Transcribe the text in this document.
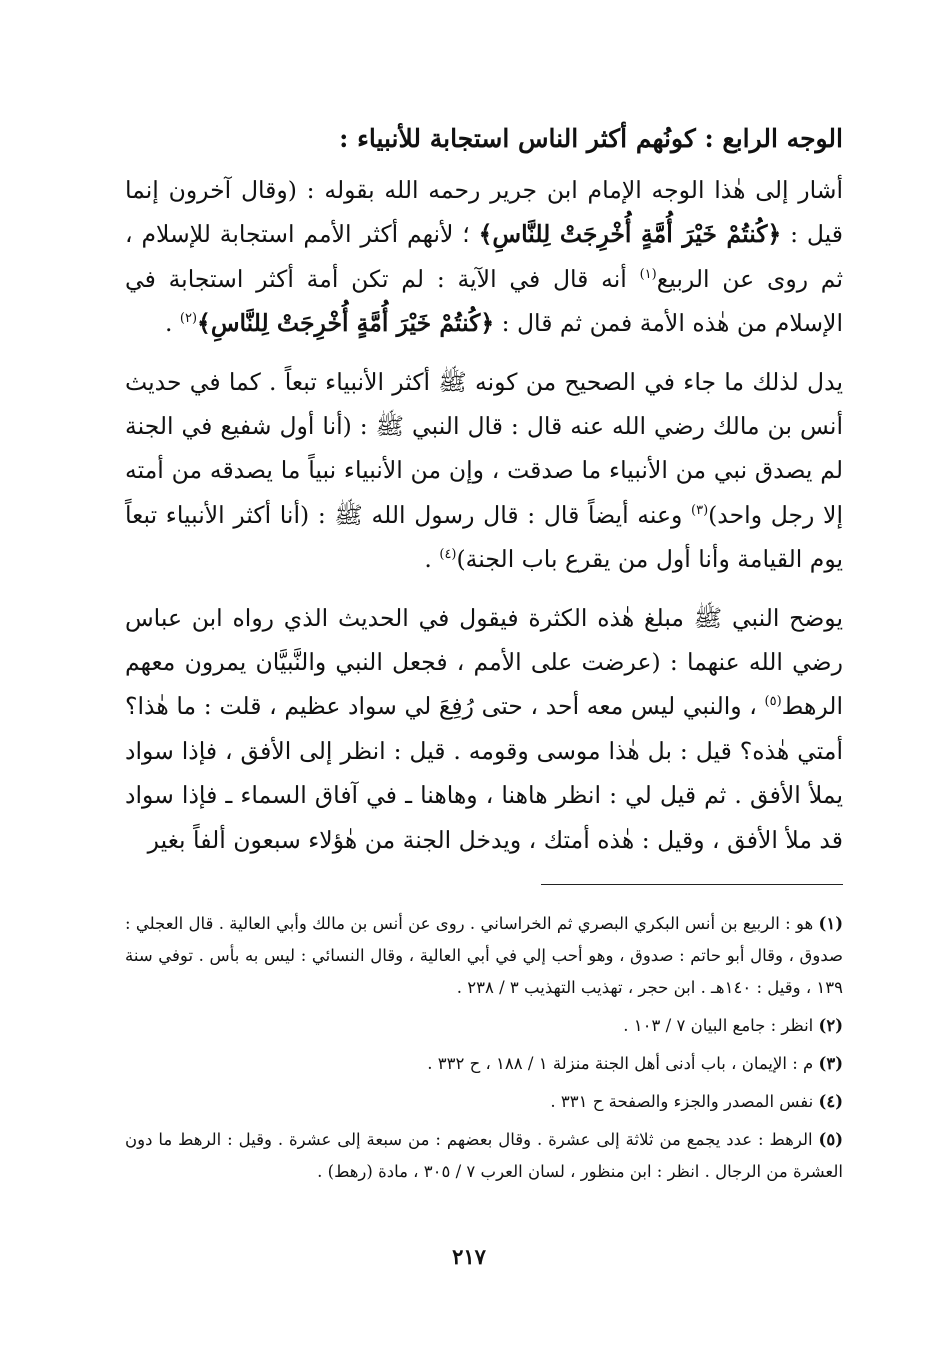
الوجه الرابع : كونُهم أكثر الناس استجابة للأنبياء :

أشار إلى هٰذا الوجه الإمام ابن جرير رحمه الله بقوله : (وقال آخرون إنما قيل : ﴿كُنتُمْ خَيْرَ أُمَّةٍ أُخْرِجَتْ لِلنَّاسِ﴾ ؛ لأنهم أكثر الأمم استجابة للإسلام ، ثم روى عن الربيع$^{(١)}$ أنه قال في الآية : لم تكن أمة أكثر استجابة في الإسلام من هٰذه الأمة فمن ثم قال : ﴿كُنتُمْ خَيْرَ أُمَّةٍ أُخْرِجَتْ لِلنَّاسِ﴾$^{(٢)}$ .

يدل لذلك ما جاء في الصحيح من كونه ﷺ أكثر الأنبياء تبعاً . كما في حديث أنس بن مالك رضي الله عنه قال : قال النبي ﷺ : (أنا أول شفيع في الجنة لم يصدق نبي من الأنبياء ما صدقت ، وإن من الأنبياء نبياً ما يصدقه من أمته إلا رجل واحد)$^{(٣)}$ وعنه أيضاً قال : قال رسول الله ﷺ : (أنا أكثر الأنبياء تبعاً يوم القيامة وأنا أول من يقرع باب الجنة)$^{(٤)}$ .

يوضح النبي ﷺ مبلغ هٰذه الكثرة فيقول في الحديث الذي رواه ابن عباس رضي الله عنهما : (عرضت على الأمم ، فجعل النبي والنَّبيَّان يمرون معهم الرهط$^{(٥)}$ ، والنبي ليس معه أحد ، حتى رُفِعَ لي سواد عظيم ، قلت : ما هٰذا؟ أمتي هٰذه؟ قيل : بل هٰذا موسى وقومه . قيل : انظر إلى الأفق ، فإذا سواد يملأ الأفق . ثم قيل لي : انظر هاهنا ، وهاهنا ـ في آفاق السماء ـ فإذا سواد قد ملأ الأفق ، وقيل : هٰذه أمتك ، ويدخل الجنة من هٰؤلاء سبعون ألفاً بغير

(١) هو : الربيع بن أنس البكري البصري ثم الخراساني . روى عن أنس بن مالك وأبي العالية . قال العجلي : صدوق ، وقال أبو حاتم : صدوق ، وهو أحب إلي في أبي العالية ، وقال النسائي : ليس به بأس . توفي سنة ١٣٩ ، وقيل : ١٤٠هـ . ابن حجر ، تهذيب التهذيب ٣ / ٢٣٨ .

(٢) انظر : جامع البيان ٧ / ١٠٣ .

(٣) م : الإيمان ، باب أدنى أهل الجنة منزلة ١ / ١٨٨ ، ح ٣٣٢ .

(٤) نفس المصدر والجزء والصفحة ح ٣٣١ .

(٥) الرهط : عدد يجمع من ثلاثة إلى عشرة . وقال بعضهم : من سبعة إلى عشرة . وقيل : الرهط ما دون العشرة من الرجال . انظر : ابن منظور ، لسان العرب ٧ / ٣٠٥ ، مادة (رهط) .

٢١٧
